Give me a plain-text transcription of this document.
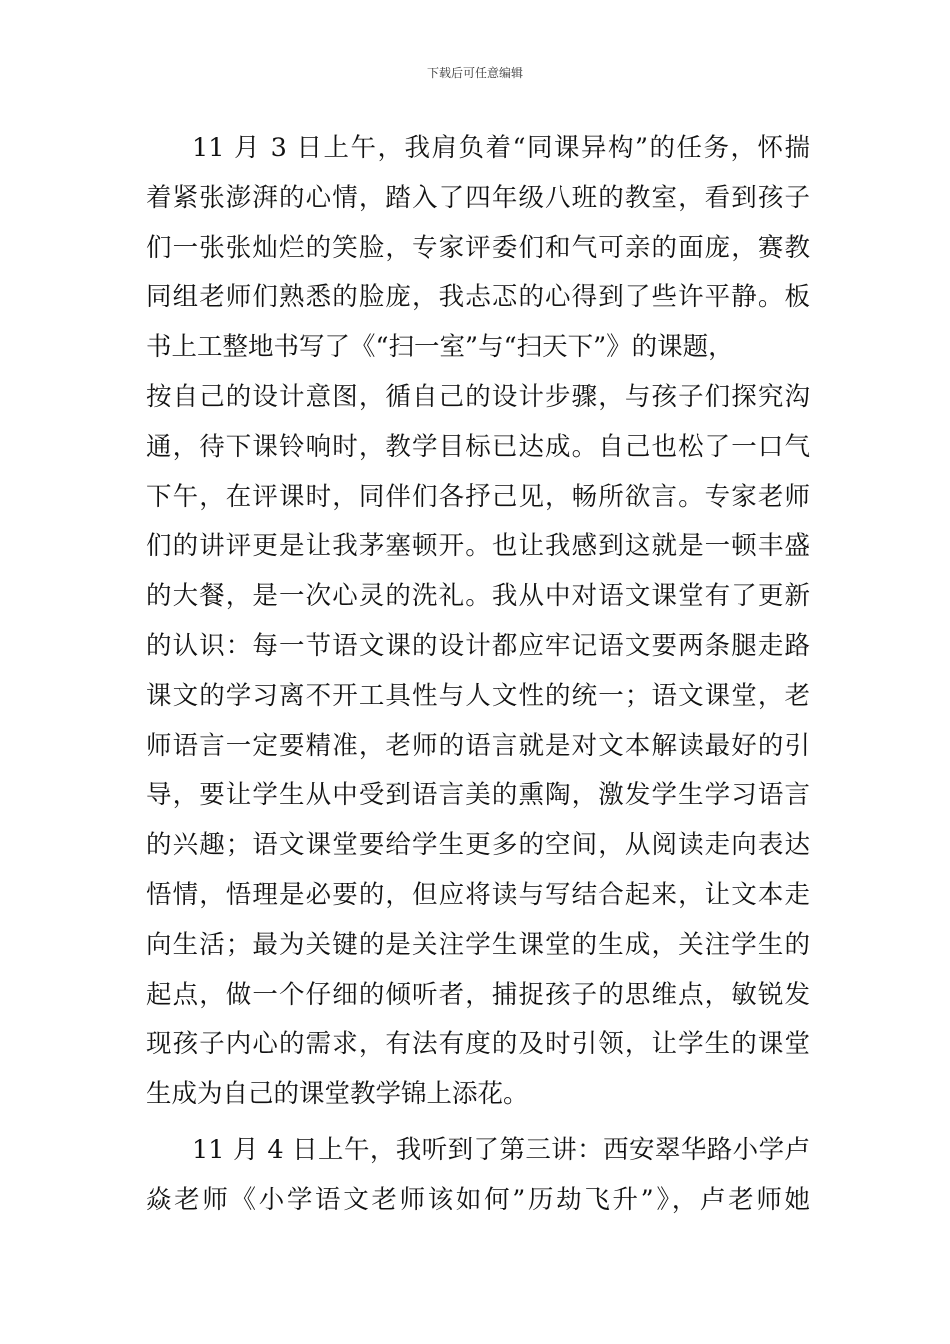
下载后可任意编辑
11 月 3 日上午，我肩负着“同课异构”的任务，怀揣
着紧张澎湃的心情，踏入了四年级八班的教室，看到孩子
们一张张灿烂的笑脸，专家评委们和气可亲的面庞，赛教
同组老师们熟悉的脸庞，我忐忑的心得到了些许平静。板
书上工整地书写了《“扫一室”与“扫天下”》的课题，
按自己的设计意图，循自己的设计步骤，与孩子们探究沟
通，待下课铃响时，教学目标已达成。自己也松了一口气
下午，在评课时，同伴们各抒己见，畅所欲言。专家老师
们的讲评更是让我茅塞顿开。也让我感到这就是一顿丰盛
的大餐，是一次心灵的洗礼。我从中对语文课堂有了更新
的认识：每一节语文课的设计都应牢记语文要两条腿走路
课文的学习离不开工具性与人文性的统一；语文课堂，老
师语言一定要精准，老师的语言就是对文本解读最好的引
导，要让学生从中受到语言美的熏陶，激发学生学习语言
的兴趣；语文课堂要给学生更多的空间，从阅读走向表达
悟情，悟理是必要的，但应将读与写结合起来，让文本走
向生活；最为关键的是关注学生课堂的生成，关注学生的
起点，做一个仔细的倾听者，捕捉孩子的思维点，敏锐发
现孩子内心的需求，有法有度的及时引领，让学生的课堂
生成为自己的课堂教学锦上添花。
11 月 4 日上午，我听到了第三讲：西安翠华路小学卢
焱老师《小学语文老师该如何”历劫飞升”》，卢老师她
